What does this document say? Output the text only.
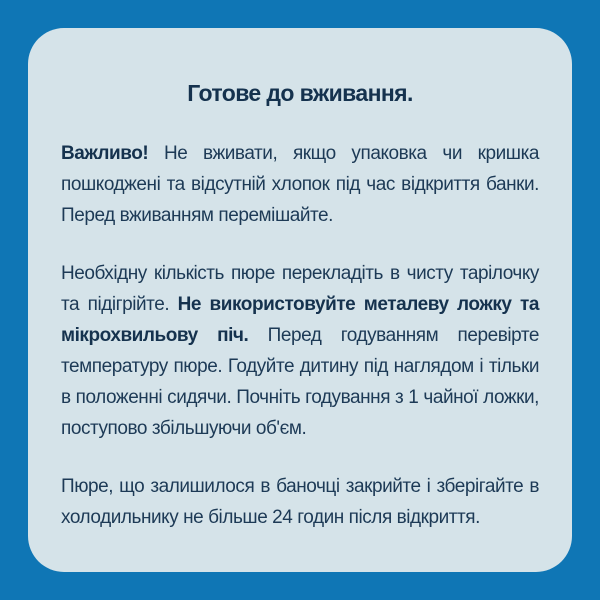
Готове до вживання.

Важливо! Не вживати, якщо упаковка чи кришка пошкоджені та відсутній хлопок під час відкриття банки. Перед вживанням перемішайте.

Необхідну кількість пюре перекладіть в чисту тарілочку та підігрійте. Не використовуйте металеву ложку та мікрохвильову піч. Перед годуванням перевірте температуру пюре. Годуйте дитину під наглядом і тільки в положенні сидячи. Почніть годування з 1 чайної ложки, поступово збільшуючи об'єм.

Пюре, що залишилося в баночці закрийте і зберігайте в холодильнику не більше 24 годин після відкриття.
